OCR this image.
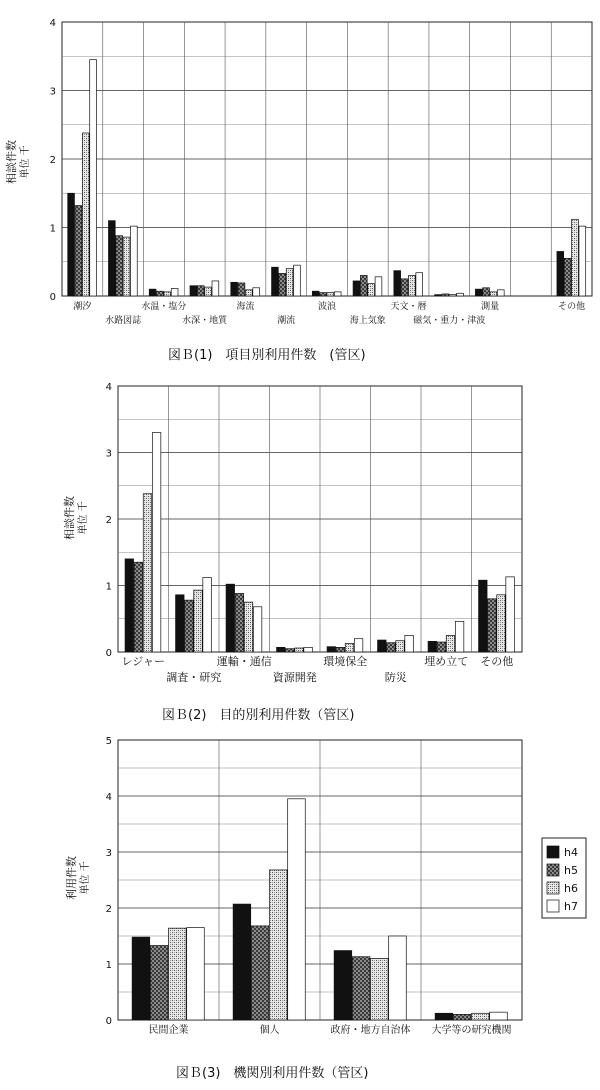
0
1
2
3
4
相談件数 単位 千
潮汐
水路図誌
水温・塩分
水深・地質
海流
潮流
波浪
海上気象
天文・暦
磁気・重力・津波
測量	その他
0
1
2
3
4
相談件数 単位 千
レジャー
調査・研究
運輸・通信
資源開発
環境保全
防災
埋め立て その他
0
1
2
3
4
5
利用件数 単位 千
民間企業	個人	政府・地方自治体 大学等の研究機関
h4
h5
h6
h7
図Ｂ(1)　項目別利用件数　(管区)
図Ｂ(2)　目的別利用件数（管区)
図Ｂ(3)　機関別利用件数（管区)
